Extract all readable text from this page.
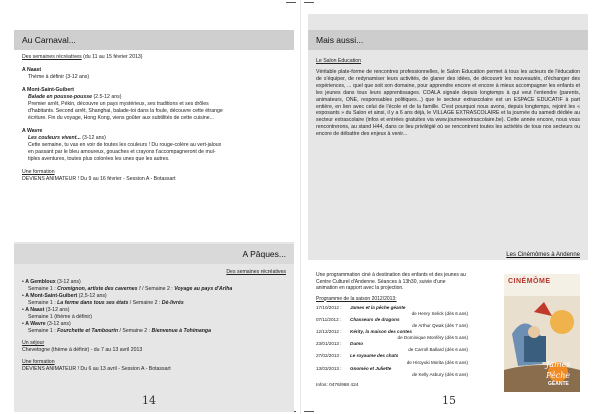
Au Carnaval...

Des semaines récréatives (du 11 au 15 février 2013)

A Naast

Thème à définir (3-12 ans)

A Mont-Saint-Guibert

Balade en pousse-pousse (2.5-12 ans)

Premier arrêt, Pékin, découvre un pays mystérieux, ses traditions et ses drôles

d'habitants. Second arrêt, Shanghai, balade-toi dans la foule, découvre cette étrange

écriture. Fin du voyage, Hong Kong, viens goûter aux subtilités de cette cuisine...

A Wavre

Les couleurs vivent... (3-12 ans)

Cette semaine, tu vas en voir de toutes les couleurs ! Du rouge-colère au vert-jaloux

en passant par le bleu amoureux, gouaches et crayons t'accompagneront de mul-

tiples aventures, toutes plus colorées les unes que les autres.

Une formation

DEVIENS ANIMATEUR ! Du 9 au 16 février - Session A - Botassart

A Pâques...

Des semaines récréatives

• A Gembloux (3-12 ans)

Semaine 1 : Cromignon, artiste des cavernes ! / Semaine 2 : Voyage au pays d'Arlha

• A Mont-Saint-Guibert (2,5-12 ans)

Semaine 1 : La ferme dans tous ses états / Semaine 2 : Dé-livrés

• A Naast (3-12 ans)

Semaine 1 (thème à définir)

• A Wavre (3-12 ans)

Semaine 1 : Fourchette et Tambourin / Semaine 2 : Bienvenue à Tohimanga

Un séjour

Chevetogne (thème à définir) - du 7 au 13 avril 2013

Une formation

DEVIENS ANIMATEUR ! Du 6 au 13 avril - Session A - Botassart

14
Mais aussi...

Le Salon Education

Véritable plate-forme de rencontres professionnelles, le Salon Education permet à tous les acteurs de l'éducation de s'équiper, de redynamiser leurs activités, de glaner des idées, de découvrir les nouveautés, d'échanger des expériences, ... quel que soit son domaine, pour apprendre encore et encore à mieux accompagner les enfants et les jeunes dans tous leurs apprentissages. COALA signale depuis longtemps à qui veut l'entendre (parents, animateurs, ONE, responsables politiques...) que le secteur extrascolaire est un ESPACE EDUCATIF à part entière, en lien avec celui de l'école et de la famille. C'est pourquoi nous avons, depuis longtemps, rejoint les « exposants » du Salon et ainsi, il y a 6 ans déjà, le VILLAGE EXTRASCOLAIRE et la journée du samedi dédiée au secteur extrascolaire (infos et entrées gratuites via www.journeeextrascolaire.be). Cette année encore, nous vous rencontrerons, au stand H44, dans ce lieu privilégié où se rencontrent toutes les activités de tous nos secteurs ou encore de débattre des enjeux à venir...

Les Cinémômes à Andenne

Une programmation ciné à destination des enfants et des jeunes au Centre Culturel d'Andenne. Séances à 13h30, suivie d'une animation en rapport avec la projection.

Programme de la saison 2012/2013:

17/10/2012 :	James et la pêche géante
de Henry Selick (dès 6 ans)
07/11/2012 :	Chasseurs de dragons
de Arthur Qwak (dès 7 ans)
12/12/2012 :	Kérity, la maison des contes
de Dominique Monféry (dès 5 ans)
23/01/2013 :	Dumo
de Carroll Ballard (dès 6 ans)
27/02/2013 :	Le royaume des chats
de Hiroyuki Morita (dès 6 ans)
13/03/2013 :	Gnoméo et Juliette
de Kelly Asbury (dès 6 ans)

Infos: 0476/968 424

CINÉMÔME
James
Pêche
GÉANTE
15
